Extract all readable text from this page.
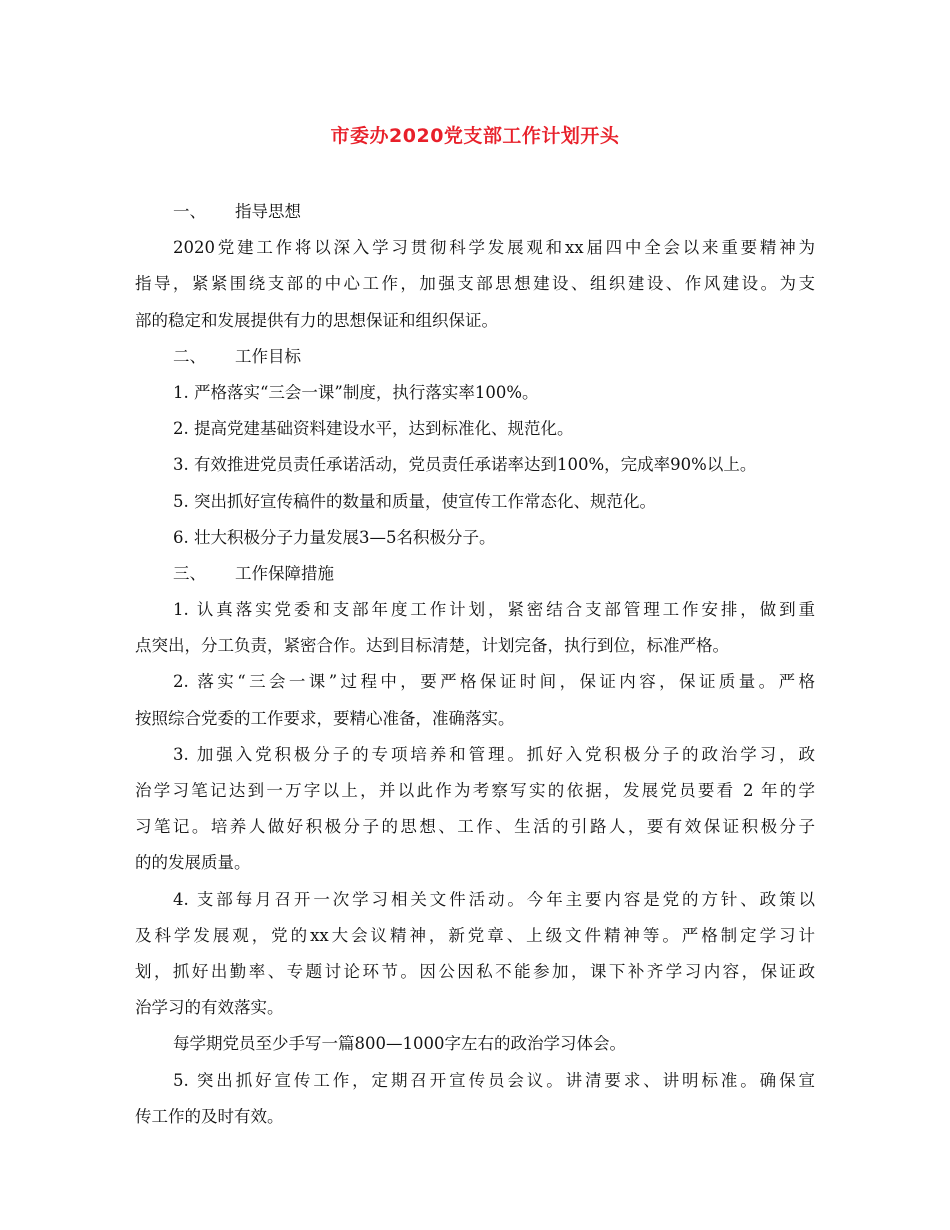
市委办2020党支部工作计划开头
一、 指导思想
2020党建工作将以深入学习贯彻科学发展观和xx届四中全会以来重要精神为
指导，紧紧围绕支部的中心工作，加强支部思想建设、组织建设、作风建设。为支
部的稳定和发展提供有力的思想保证和组织保证。
二、 工作目标
1. 严格落实“三会一课”制度，执行落实率100%。
2. 提高党建基础资料建设水平，达到标准化、规范化。
3. 有效推进党员责任承诺活动，党员责任承诺率达到100%，完成率90%以上。
5. 突出抓好宣传稿件的数量和质量，使宣传工作常态化、规范化。
6. 壮大积极分子力量发展3—5名积极分子。
三、 工作保障措施
1. 认真落实党委和支部年度工作计划，紧密结合支部管理工作安排，做到重
点突出，分工负责，紧密合作。达到目标清楚，计划完备，执行到位，标准严格。
2. 落实“三会一课”过程中，要严格保证时间，保证内容，保证质量。严格
按照综合党委的工作要求，要精心准备，准确落实。
3. 加强入党积极分子的专项培养和管理。抓好入党积极分子的政治学习，政
治学习笔记达到一万字以上，并以此作为考察写实的依据，发展党员要看 2 年的学
习笔记。培养人做好积极分子的思想、工作、生活的引路人，要有效保证积极分子
的的发展质量。
4. 支部每月召开一次学习相关文件活动。今年主要内容是党的方针、政策以
及科学发展观，党的xx大会议精神，新党章、上级文件精神等。严格制定学习计
划，抓好出勤率、专题讨论环节。因公因私不能参加，课下补齐学习内容，保证政
治学习的有效落实。
每学期党员至少手写一篇800—1000字左右的政治学习体会。
5. 突出抓好宣传工作，定期召开宣传员会议。讲清要求、讲明标准。确保宣
传工作的及时有效。
